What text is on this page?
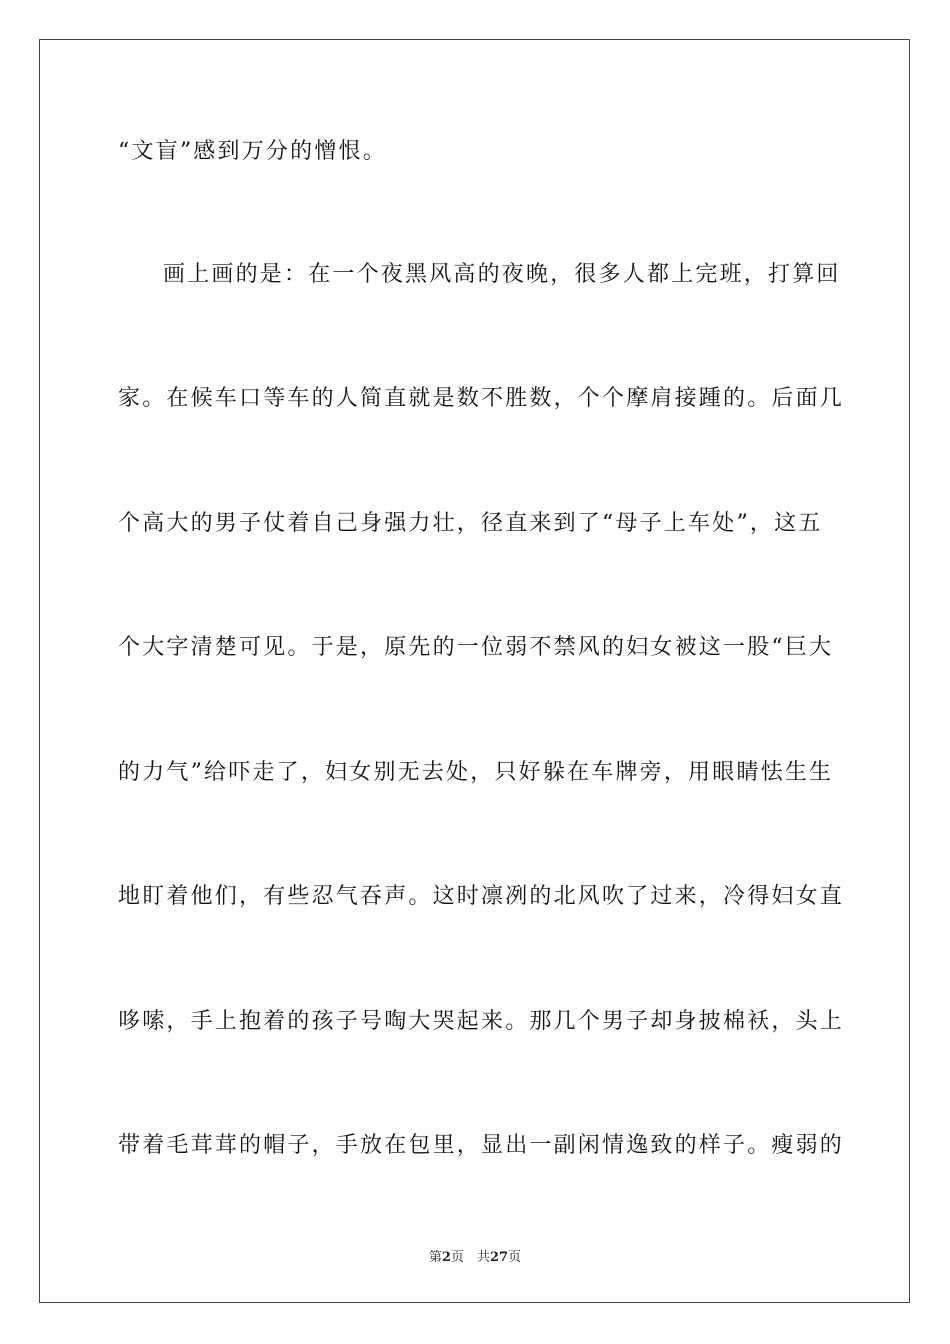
“文盲”感到万分的憎恨。
画上画的是：在一个夜黑风高的夜晚，很多人都上完班，打算回
家。在候车口等车的人简直就是数不胜数，个个摩肩接踵的。后面几
个高大的男子仗着自己身强力壮，径直来到了“母子上车处”，这五
个大字清楚可见。于是，原先的一位弱不禁风的妇女被这一股“巨大
的力气”给吓走了，妇女别无去处，只好躲在车牌旁，用眼睛怯生生
地盯着他们，有些忍气吞声。这时凛冽的北风吹了过来，冷得妇女直
哆嗦，手上抱着的孩子号啕大哭起来。那几个男子却身披棉袄，头上
带着毛茸茸的帽子，手放在包里，显出一副闲情逸致的样子。瘦弱的
第2页　共27页
